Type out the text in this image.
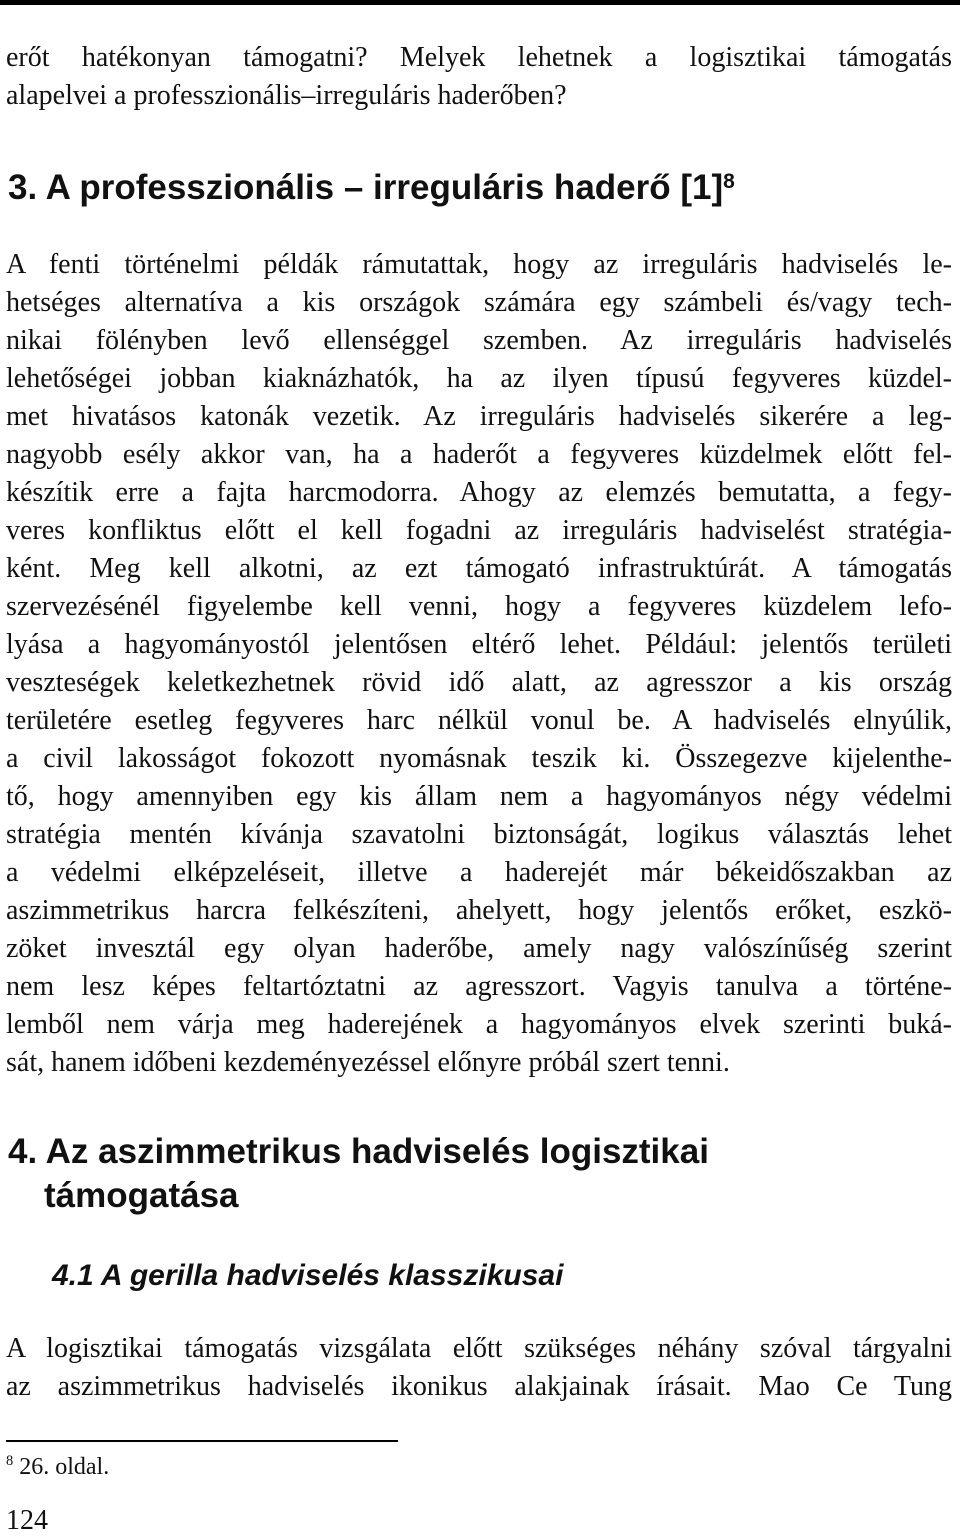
erőt hatékonyan támogatni? Melyek lehetnek a logisztikai támogatás
alapelvei a professzionális–irreguláris haderőben?
3. A professzionális – irreguláris haderő $[1]^8$
A fenti történelmi példák rámutattak, hogy az irreguláris hadviselés le-
hetséges alternatíva a kis országok számára egy számbeli és/vagy tech-
nikai fölényben levő ellenséggel szemben. Az irreguláris hadviselés
lehetőségei jobban kiaknázhatók, ha az ilyen típusú fegyveres küzdel-
met hivatásos katonák vezetik. Az irreguláris hadviselés sikerére a leg-
nagyobb esély akkor van, ha a haderőt a fegyveres küzdelmek előtt fel-
készítik erre a fajta harcmodorra. Ahogy az elemzés bemutatta, a fegy-
veres konfliktus előtt el kell fogadni az irreguláris hadviselést stratégia-
ként. Meg kell alkotni, az ezt támogató infrastruktúrát. A támogatás
szervezésénél figyelembe kell venni, hogy a fegyveres küzdelem lefo-
lyása a hagyományostól jelentősen eltérő lehet. Például: jelentős területi
veszteségek keletkezhetnek rövid idő alatt, az agresszor a kis ország
területére esetleg fegyveres harc nélkül vonul be. A hadviselés elnyúlik,
a civil lakosságot fokozott nyomásnak teszik ki. Összegezve kijelenthe-
tő, hogy amennyiben egy kis állam nem a hagyományos négy védelmi
stratégia mentén kívánja szavatolni biztonságát, logikus választás lehet
a védelmi elképzeléseit, illetve a haderejét már békeidőszakban az
aszimmetrikus harcra felkészíteni, ahelyett, hogy jelentős erőket, eszkö-
zöket invesztál egy olyan haderőbe, amely nagy valószínűség szerint
nem lesz képes feltartóztatni az agresszort. Vagyis tanulva a történe-
lemből nem várja meg haderejének a hagyományos elvek szerinti buká-
sát, hanem időbeni kezdeményezéssel előnyre próbál szert tenni.
4. Az aszimmetrikus hadviselés logisztikai
támogatása
4.1 A gerilla hadviselés klasszikusai
A logisztikai támogatás vizsgálata előtt szükséges néhány szóval tárgyalni
az aszimmetrikus hadviselés ikonikus alakjainak írásait. Mao Ce Tung
$^8$ 26. oldal.
124
